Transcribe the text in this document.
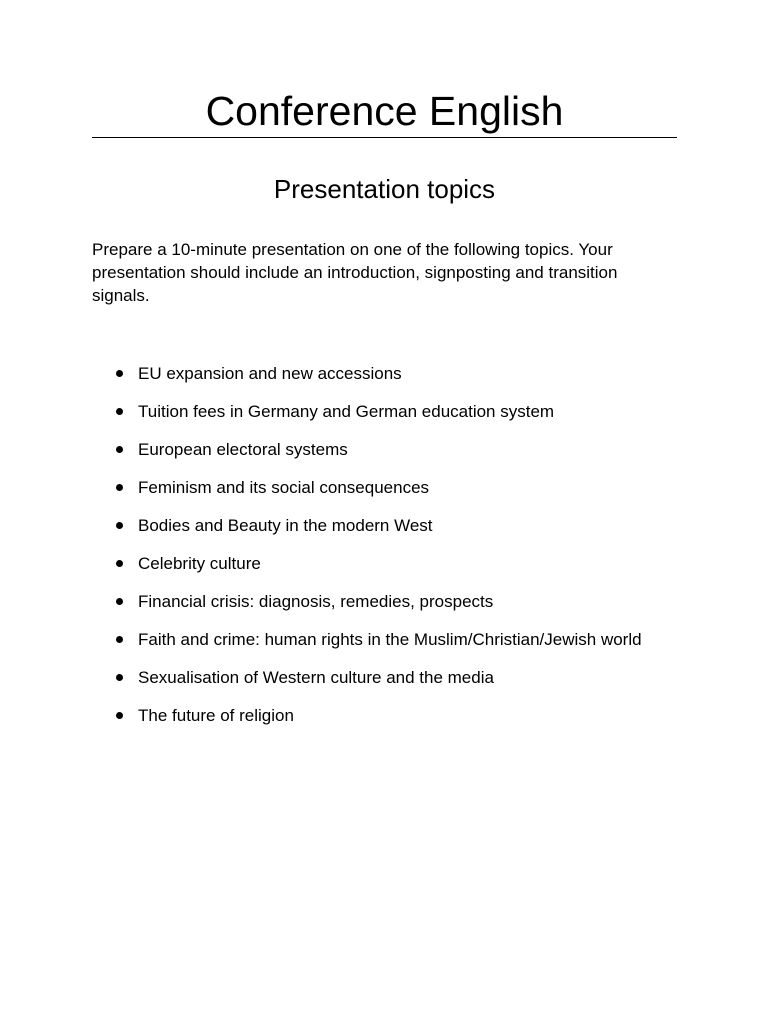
Conference English
Presentation topics

Prepare a 10-minute presentation on one of the following topics. Your presentation should include an introduction, signposting and transition signals.

EU expansion and new accessions
Tuition fees in Germany and German education system
European electoral systems
Feminism and its social consequences
Bodies and Beauty in the modern West
Celebrity culture
Financial crisis: diagnosis, remedies, prospects
Faith and crime: human rights in the Muslim/Christian/Jewish world
Sexualisation of Western culture and the media
The future of religion
